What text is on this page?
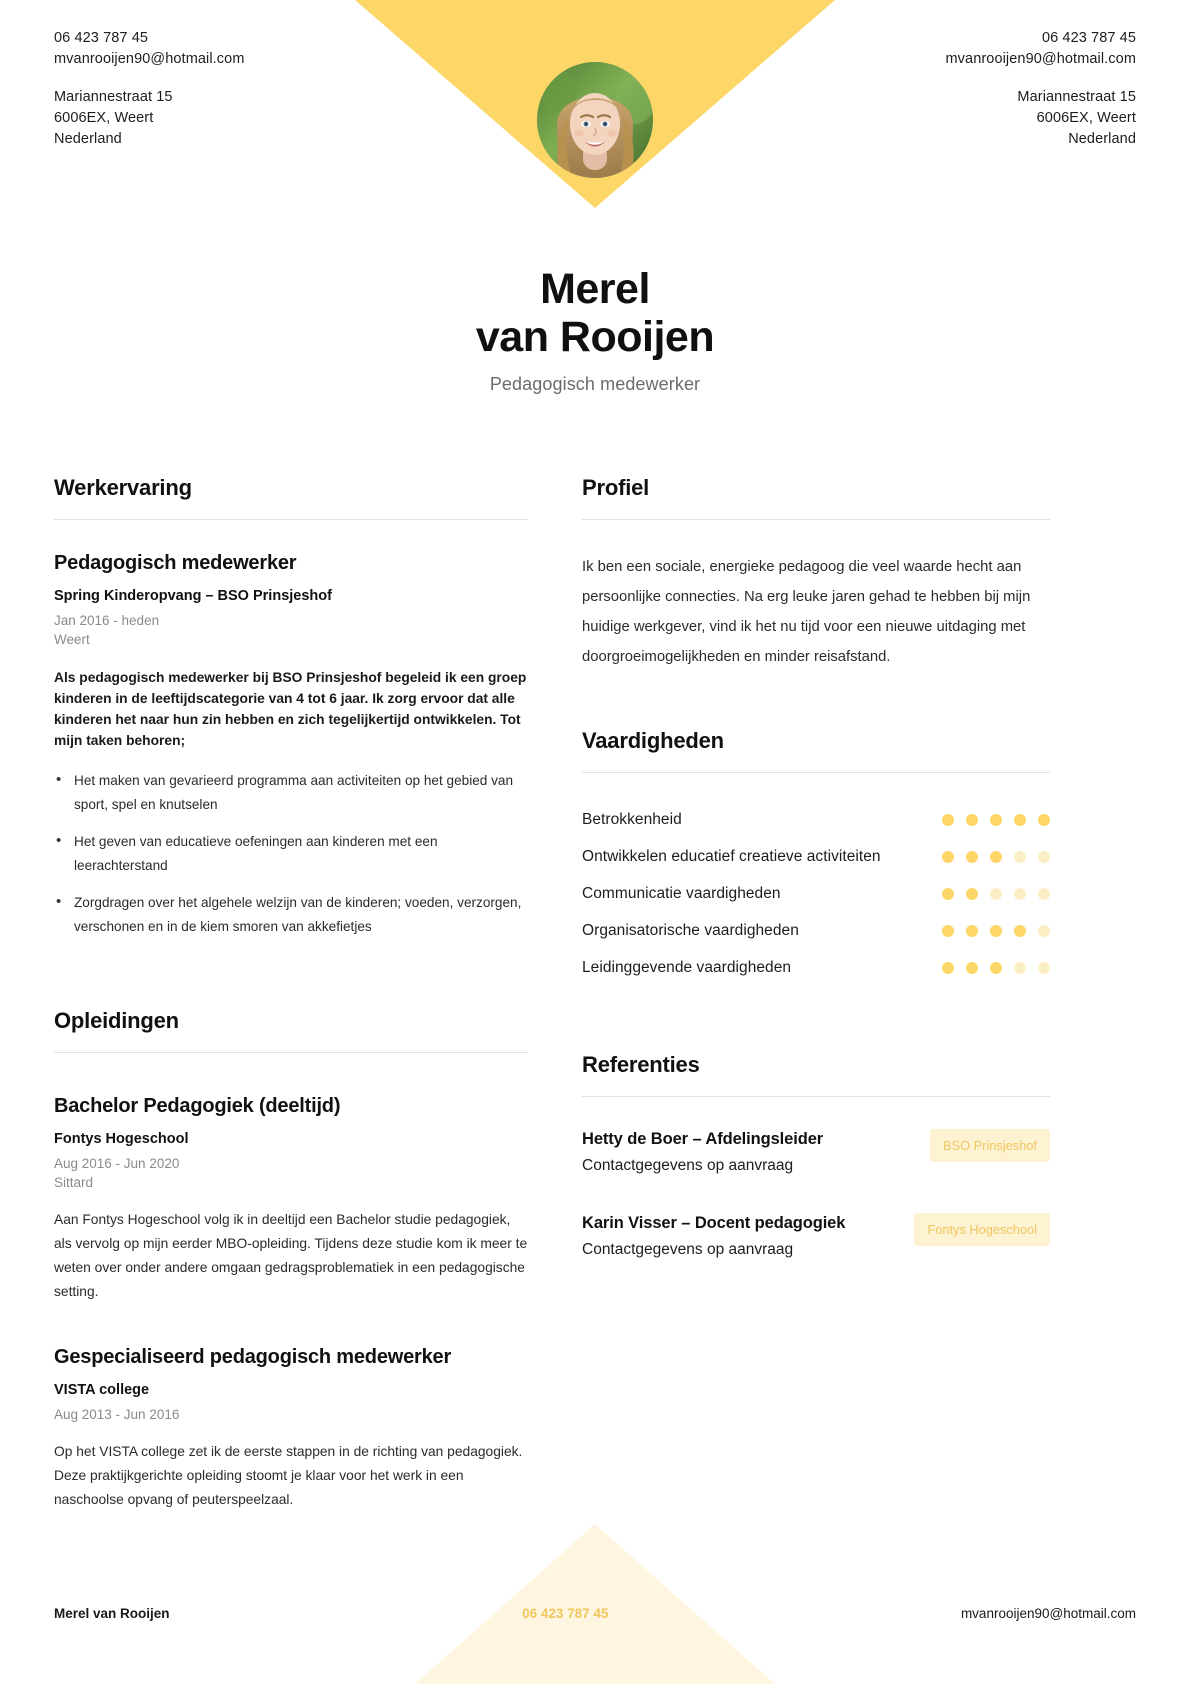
06 423 787 45
mvanrooijen90@hotmail.com
Mariannestraat 15
6006EX, Weert
Nederland
06 423 787 45
mvanrooijen90@hotmail.com
Mariannestraat 15
6006EX, Weert
Nederland
Merel
van Rooijen
Pedagogisch medewerker
Werkervaring
Pedagogisch medewerker
Spring Kinderopvang – BSO Prinsjeshof
Jan 2016 - heden
Weert
Als pedagogisch medewerker bij BSO Prinsjeshof begeleid ik een groep kinderen in de leeftijdscategorie van 4 tot 6 jaar. Ik zorg ervoor dat alle kinderen het naar hun zin hebben en zich tegelijkertijd ontwikkelen. Tot mijn taken behoren;
• Het maken van gevarieerd programma aan activiteiten op het gebied van sport, spel en knutselen
• Het geven van educatieve oefeningen aan kinderen met een leerachterstand
• Zorgdragen over het algehele welzijn van de kinderen; voeden, verzorgen, verschonen en in de kiem smoren van akkefietjes
Opleidingen
Bachelor Pedagogiek (deeltijd)
Fontys Hogeschool
Aug 2016 - Jun 2020
Sittard
Aan Fontys Hogeschool volg ik in deeltijd een Bachelor studie pedagogiek, als vervolg op mijn eerder MBO-opleiding. Tijdens deze studie kom ik meer te weten over onder andere omgaan gedragsproblematiek in een pedagogische setting.
Gespecialiseerd pedagogisch medewerker
VISTA college
Aug 2013 - Jun 2016
Op het VISTA college zet ik de eerste stappen in de richting van pedagogiek. Deze praktijkgerichte opleiding stoomt je klaar voor het werk in een naschoolse opvang of peuterspeelzaal.
Profiel
Ik ben een sociale, energieke pedagoog die veel waarde hecht aan persoonlijke connecties. Na erg leuke jaren gehad te hebben bij mijn huidige werkgever, vind ik het nu tijd voor een nieuwe uitdaging met doorgroeimogelijkheden en minder reisafstand.
Vaardigheden
Betrokkenheid
Ontwikkelen educatief creatieve activiteiten
Communicatie vaardigheden
Organisatorische vaardigheden
Leidinggevende vaardigheden
Referenties
Hetty de Boer – Afdelingsleider
Contactgegevens op aanvraag
BSO Prinsjeshof
Karin Visser – Docent pedagogiek
Contactgegevens op aanvraag
Fontys Hogeschool
Merel van Rooijen	06 423 787 45	mvanrooijen90@hotmail.com
